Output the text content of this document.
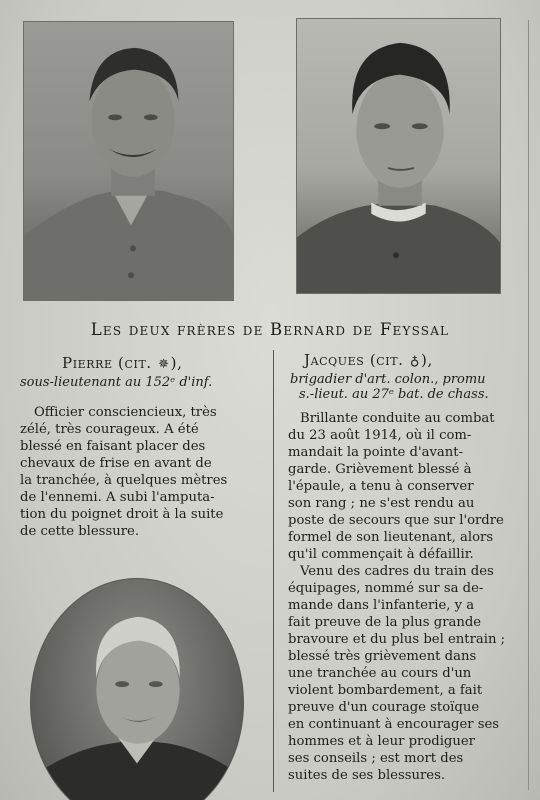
Les deux frères de Bernard de Feyssal
Pierre (cit. ✵),
sous-lieutenant au 152ᵉ d'inf.
Officier consciencieux, très
zélé, très courageux. A été
blessé en faisant placer des
chevaux de frise en avant de
la tranchée, à quelques mètres
de l'ennemi. A subi l'amputa-
tion du poignet droit à la suite
de cette blessure.
Jacques (cit. ♁),
brigadier d'art. colon., promu
s.-lieut. au 27ᵉ bat. de chass.
Brillante conduite au combat
du 23 août 1914, où il com-
mandait la pointe d'avant-
garde. Grièvement blessé à
l'épaule, a tenu à conserver
son rang ; ne s'est rendu au
poste de secours que sur l'ordre
formel de son lieutenant, alors
qu'il commençait à défaillir.
Venu des cadres du train des
équipages, nommé sur sa de-
mande dans l'infanterie, y a
fait preuve de la plus grande
bravoure et du plus bel entrain ;
blessé très grièvement dans
une tranchée au cours d'un
violent bombardement, a fait
preuve d'un courage stoïque
en continuant à encourager ses
hommes et à leur prodiguer
ses conseils ; est mort des
suites de ses blessures.
